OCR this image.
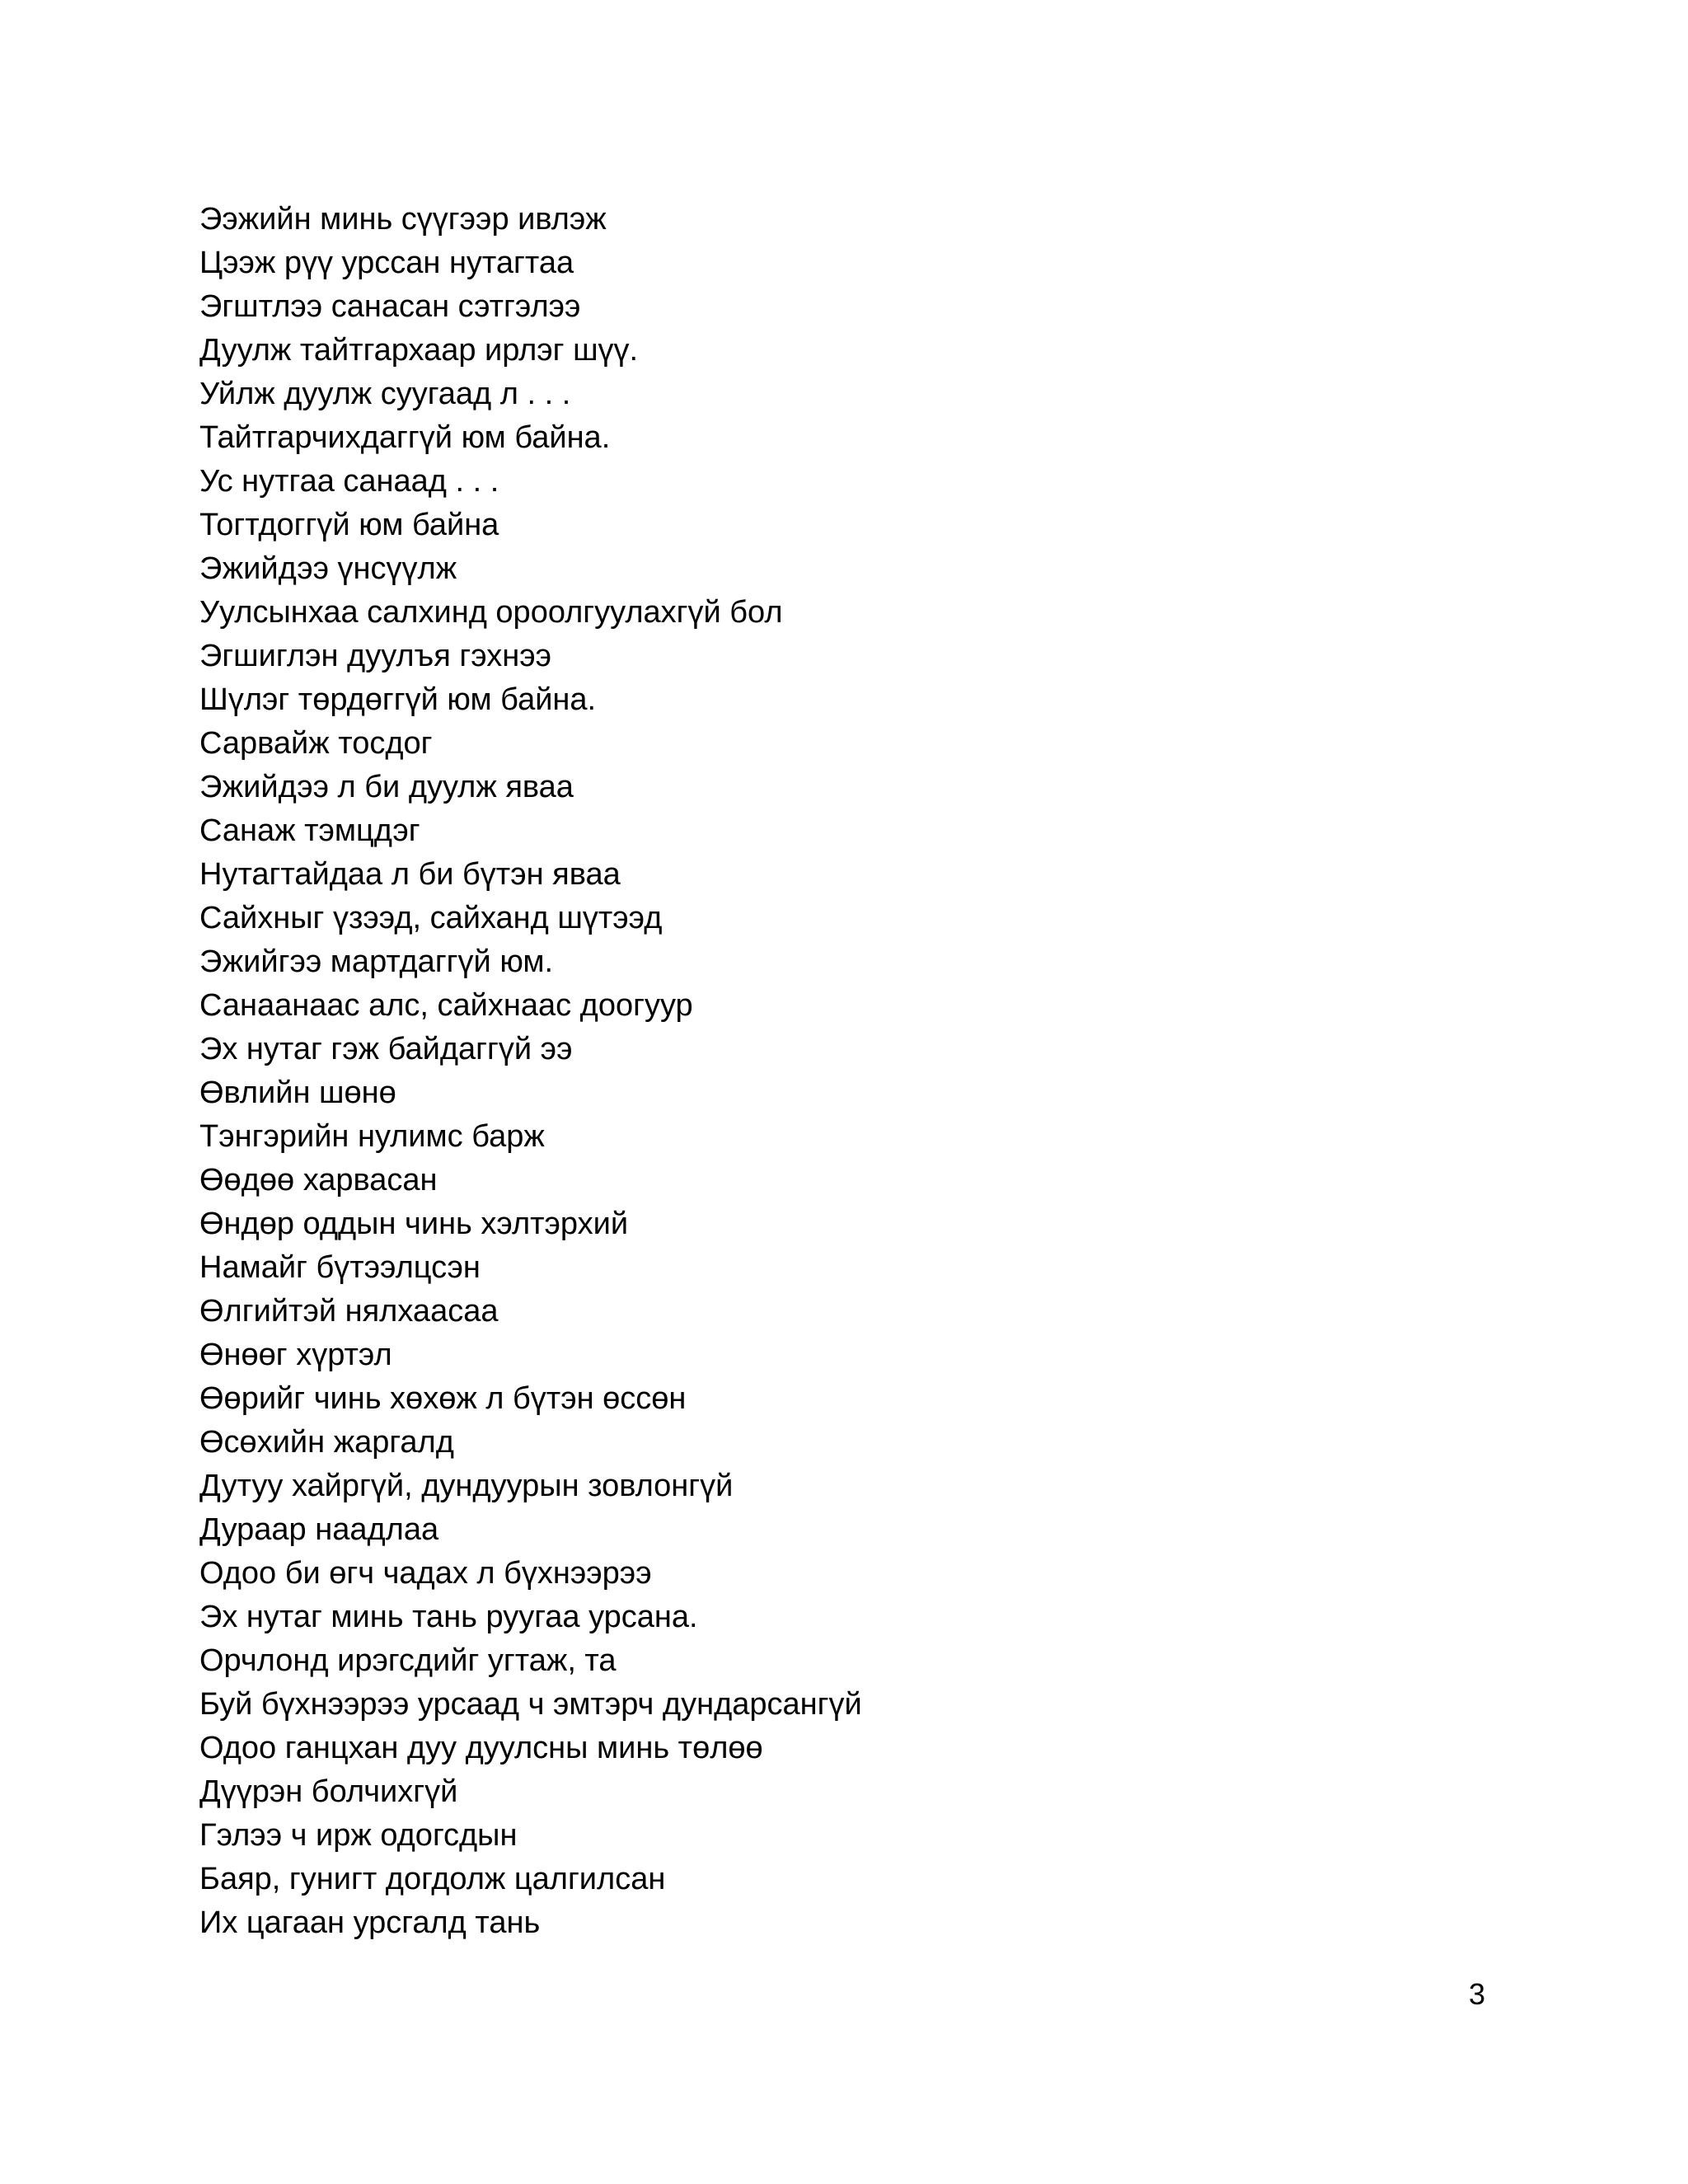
Ээжийн минь сүүгээр ивлэж
Цээж рүү урссан нутагтаа
Эгштлээ санасан сэтгэлээ
Дуулж тайтгархаар ирлэг шүү.
Уйлж дуулж суугаад л . . .
Тайтгарчихдаггүй юм байна.
Ус нутгаа санаад . . .
Тогтдоггүй юм байна
Эжийдээ үнсүүлж
Уулсынхаа салхинд ороолгуулахгүй бол
Эгшиглэн дуулъя гэхнээ
Шүлэг төрдөггүй юм байна.
Сарвайж тосдог
Эжийдээ л би дуулж яваа
Санаж тэмцдэг
Нутагтайдаа л би бүтэн яваа
Сайхныг үзээд, сайханд шүтээд
Эжийгээ мартдаггүй юм.
Санаанаас алс, сайхнаас доогуур
Эх нутаг гэж байдаггүй ээ
Өвлийн шөнө
Тэнгэрийн нулимс барж
Өөдөө харвасан
Өндөр оддын чинь хэлтэрхий
Намайг бүтээлцсэн
Өлгийтэй нялхаасаа
Өнөөг хүртэл
Өөрийг чинь хөхөж л бүтэн өссөн
Өсөхийн жаргалд
Дутуу хайргүй, дундуурын зовлонгүй
Дураар наадлаа
Одоо би өгч чадах л бүхнээрээ
Эх нутаг минь тань руугаа урсана.
Орчлонд ирэгсдийг угтаж, та
Буй бүхнээрээ урсаад ч эмтэрч дундарсангүй
Одоо ганцхан дуу дуулсны минь төлөө
Дүүрэн болчихгүй
Гэлээ ч ирж одогсдын
Баяр, гунигт догдолж цалгилсан
Их цагаан урсгалд тань
3
